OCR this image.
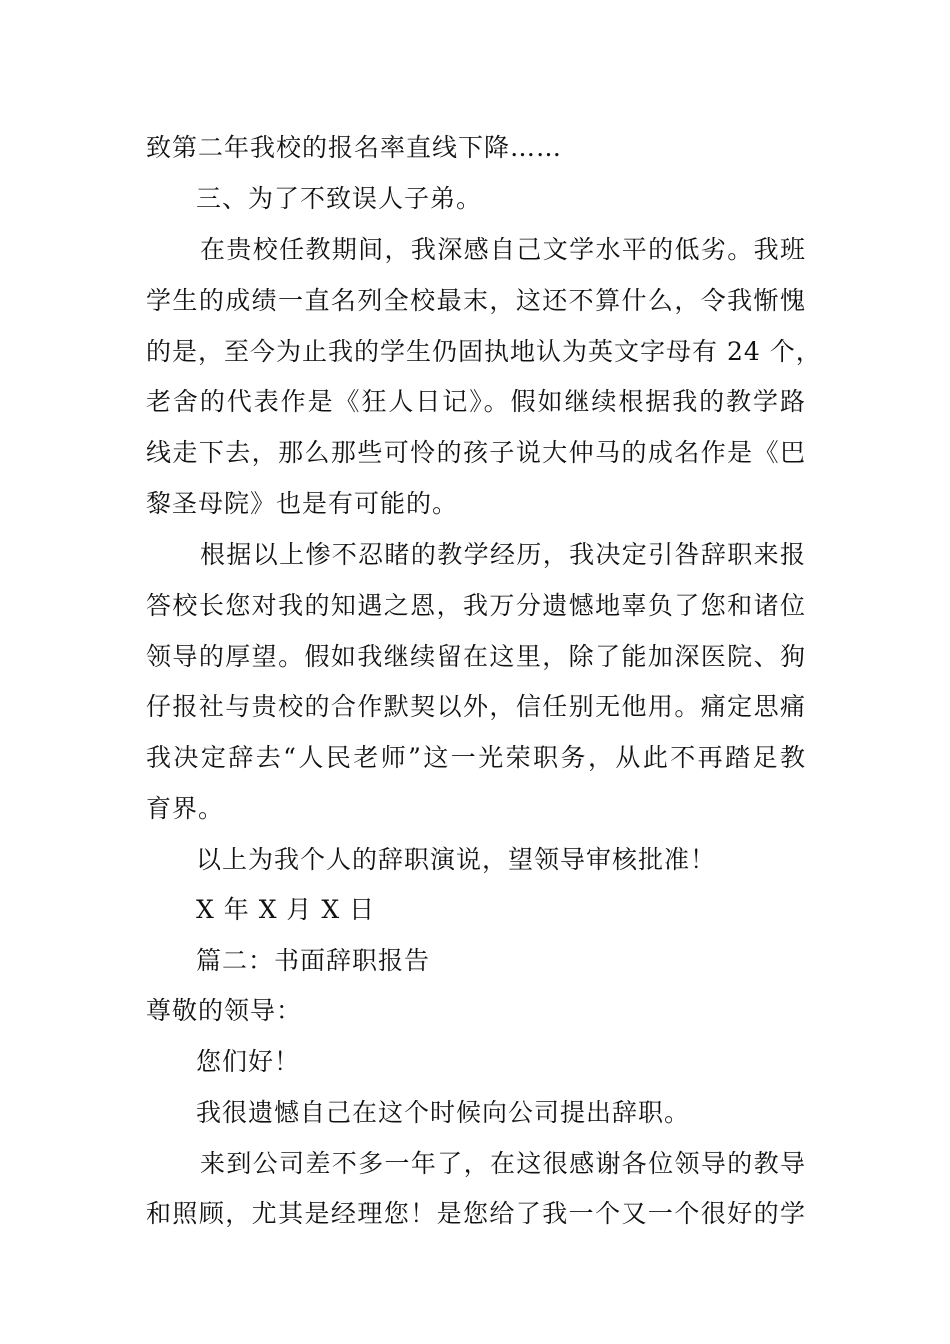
致第二年我校的报名率直线下降……
三、为了不致误人子弟。
在贵校任教期间，我深感自己文学水平的低劣。我班
学生的成绩一直名列全校最末，这还不算什么，令我惭愧
的是，至今为止我的学生仍固执地认为英文字母有 24 个，
老舍的代表作是《狂人日记》。假如继续根据我的教学路
线走下去，那么那些可怜的孩子说大仲马的成名作是《巴
黎圣母院》也是有可能的。
根据以上惨不忍睹的教学经历，我决定引咎辞职来报
答校长您对我的知遇之恩，我万分遗憾地辜负了您和诸位
领导的厚望。假如我继续留在这里，除了能加深医院、狗
仔报社与贵校的合作默契以外，信任别无他用。痛定思痛
我决定辞去“人民老师”这一光荣职务，从此不再踏足教
育界。
以上为我个人的辞职演说，望领导审核批准！
X 年 X 月 X 日
篇二：书面辞职报告
尊敬的领导：
您们好！
我很遗憾自己在这个时候向公司提出辞职。
来到公司差不多一年了，在这很感谢各位领导的教导
和照顾，尤其是经理您！是您给了我一个又一个很好的学
